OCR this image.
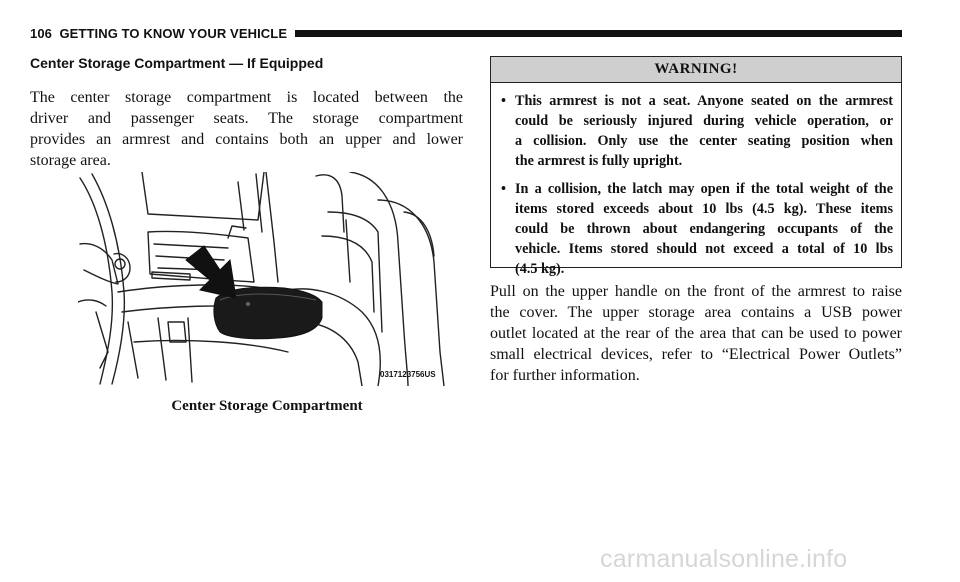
106 GETTING TO KNOW YOUR VEHICLE
Center Storage Compartment — If Equipped
The center storage compartment is located between the
driver and passenger seats. The storage compartment
provides an armrest and contains both an upper and lower
storage area.
0317123756US
Center Storage Compartment
WARNING!
• This armrest is not a seat. Anyone seated on the armrest
could be seriously injured during vehicle operation, or
a collision. Only use the center seating position when
the armrest is fully upright.
• In a collision, the latch may open if the total weight of the
items stored exceeds about 10 lbs (4.5 kg). These items
could be thrown about endangering occupants of the
vehicle. Items stored should not exceed a total of 10 lbs
(4.5 kg).
Pull on the upper handle on the front of the armrest to raise
the cover. The upper storage area contains a USB power
outlet located at the rear of the area that can be used to power
small electrical devices, refer to “Electrical Power Outlets”
for further information.
carmanualsonline.info
